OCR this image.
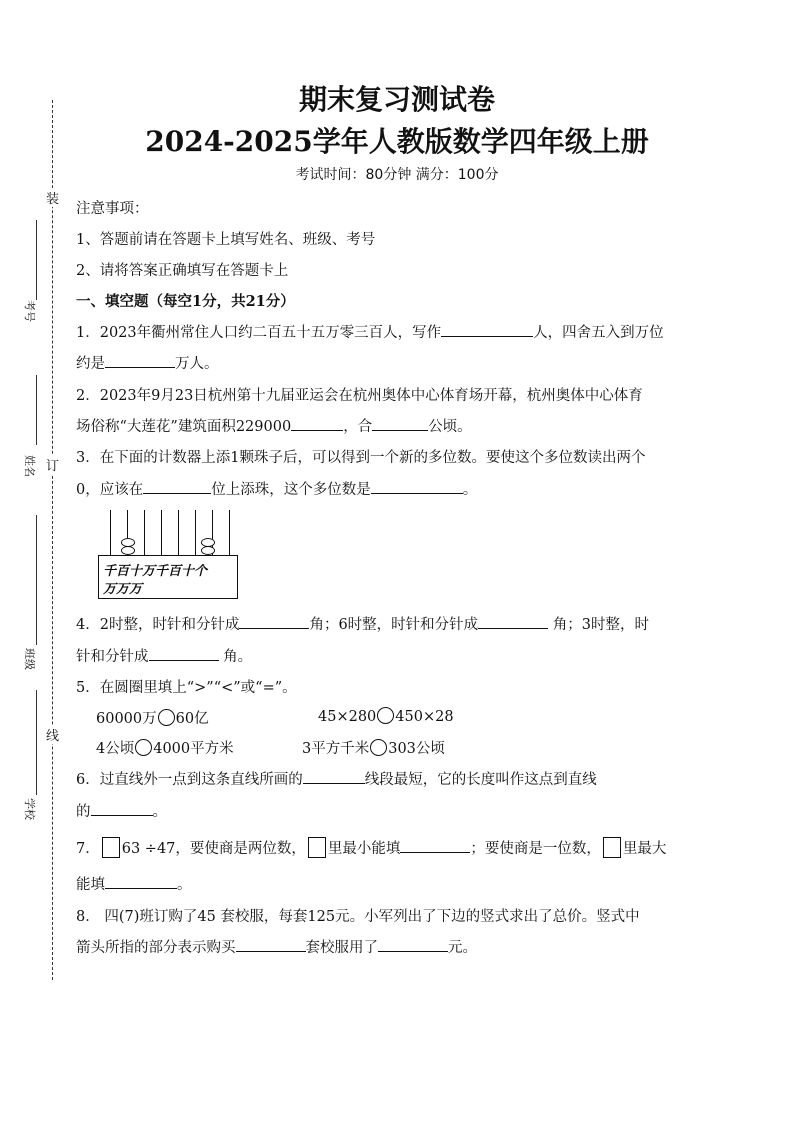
装
订
线
考号
姓名
班级
学校
期末复习测试卷
2024-2025学年人教版数学四年级上册
考试时间：80分钟 满分：100分
注意事项：
1、答题前请在答题卡上填写姓名、班级、考号
2、请将答案正确填写在答题卡上
一、填空题（每空1分，共21分）
1．2023年衢州常住人口约二百五十五万零三百人，写作	人，四舍五入到万位
约是	万人。
2．2023年9月23日杭州第十九届亚运会在杭州奥体中心体育场开幕，杭州奥体中心体育
场俗称“大莲花”建筑面积229000	，合	公顷。
3．在下面的计数器上添1颗珠子后，可以得到一个新的多位数。要使这个多位数读出两个
0，应该在	位上添珠，这个多位数是	。
千百十万千百十个
万万万
4．2时整，时针和分针成	角；6时整，时针和分针成	角；3时整，时
针和分针成	角。
5．在圆圈里填上“>”“<”或“=”。
60000万 60亿	45×280 450×28
4公顷 4000平方米	3平方千米 303公顷
6．过直线外一点到这条直线所画的	线段最短，它的长度叫作这点到直线
的	。
7． 63 ÷47，要使商是两位数， 里最小能填	；要使商是一位数， 里最大
能填	。
8． 四(7)班订购了45 套校服，每套125元。小军列出了下边的竖式求出了总价。竖式中
箭头所指的部分表示购买	套校服用了	元。
